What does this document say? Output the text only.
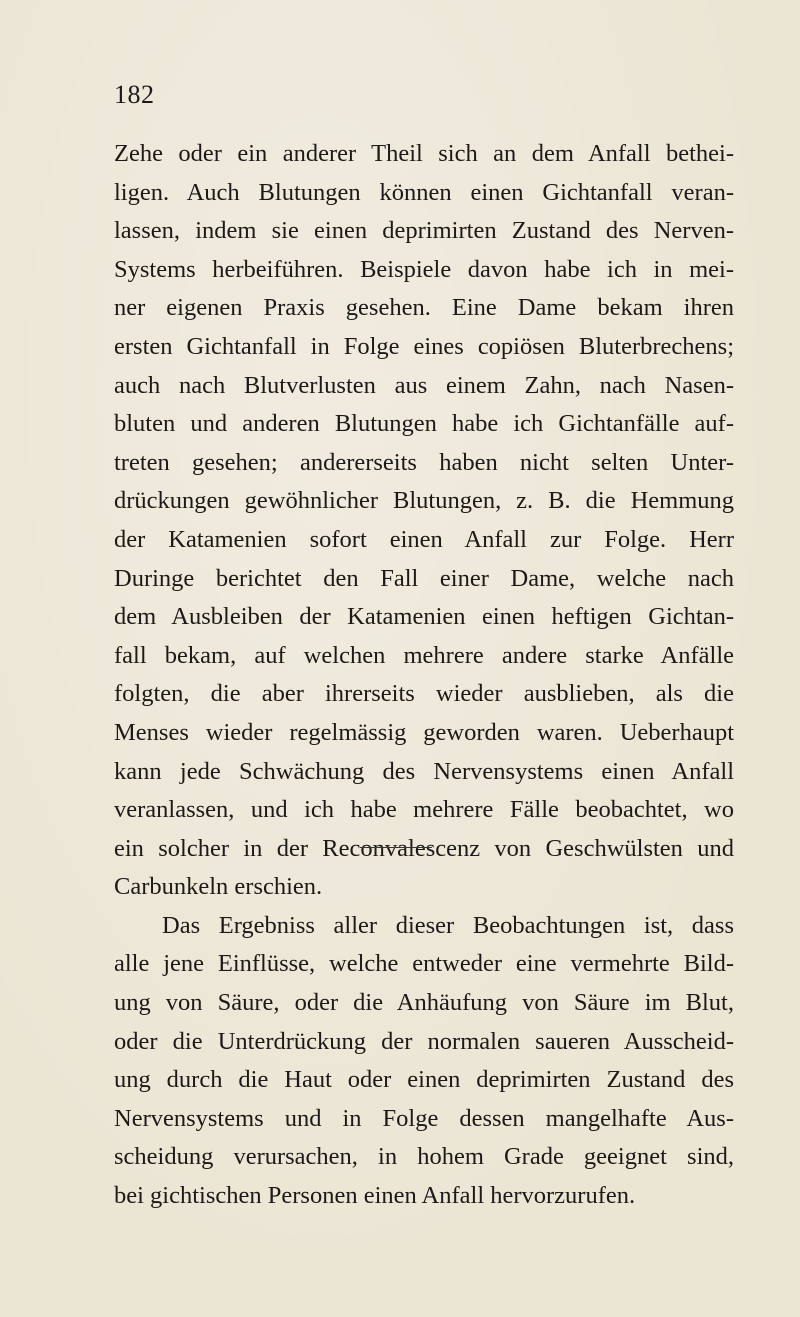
182
Zehe oder ein anderer Theil sich an dem Anfall bethei-
ligen. Auch Blutungen können einen Gichtanfall veran-
lassen, indem sie einen deprimirten Zustand des Nerven-
Systems herbeiführen. Beispiele davon habe ich in mei-
ner eigenen Praxis gesehen. Eine Dame bekam ihren
ersten Gichtanfall in Folge eines copiösen Bluterbrechens;
auch nach Blutverlusten aus einem Zahn, nach Nasen-
bluten und anderen Blutungen habe ich Gichtanfälle auf-
treten gesehen; andererseits haben nicht selten Unter-
drückungen gewöhnlicher Blutungen, z. B. die Hemmung
der Katamenien sofort einen Anfall zur Folge. Herr
Duringe berichtet den Fall einer Dame, welche nach
dem Ausbleiben der Katamenien einen heftigen Gichtan-
fall bekam, auf welchen mehrere andere starke Anfälle
folgten, die aber ihrerseits wieder ausblieben, als die
Menses wieder regelmässig geworden waren. Ueberhaupt
kann jede Schwächung des Nervensystems einen Anfall
veranlassen, und ich habe mehrere Fälle beobachtet, wo
ein solcher in der Reconvalescenz von Geschwülsten und
Carbunkeln erschien.
Das Ergebniss aller dieser Beobachtungen ist, dass
alle jene Einflüsse, welche entweder eine vermehrte Bild-
ung von Säure, oder die Anhäufung von Säure im Blut,
oder die Unterdrückung der normalen saueren Ausscheid-
ung durch die Haut oder einen deprimirten Zustand des
Nervensystems und in Folge dessen mangelhafte Aus-
scheidung verursachen, in hohem Grade geeignet sind,
bei gichtischen Personen einen Anfall hervorzurufen.
